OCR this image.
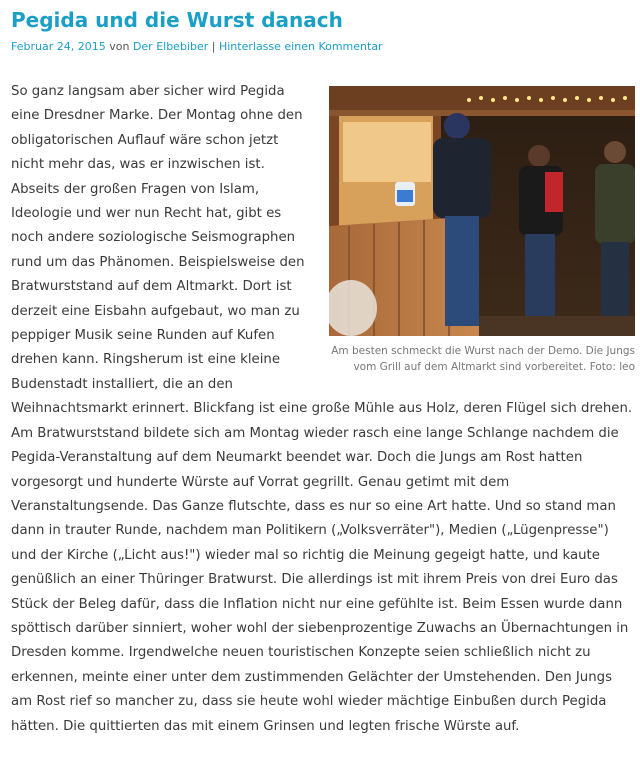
Pegida und die Wurst danach
Februar 24, 2015 von Der Elbebiber | Hinterlasse einen Kommentar
Am besten schmeckt die Wurst nach der Demo. Die Jungs vom Grill auf dem Altmarkt sind vorbereitet. Foto: leo

So ganz langsam aber sicher wird Pegida eine Dresdner Marke. Der Montag ohne den obligatorischen Auflauf wäre schon jetzt nicht mehr das, was er inzwischen ist. Abseits der großen Fragen von Islam, Ideologie und wer nun Recht hat, gibt es noch andere soziologische Seismographen rund um das Phänomen. Beispielsweise den Bratwurststand auf dem Altmarkt. Dort ist derzeit eine Eisbahn aufgebaut, wo man zu peppiger Musik seine Runden auf Kufen drehen kann. Ringsherum ist eine kleine Budenstadt installiert, die an den Weihnachtsmarkt erinnert. Blickfang ist eine große Mühle aus Holz, deren Flügel sich drehen. Am Bratwurststand bildete sich am Montag wieder rasch eine lange Schlange nachdem die Pegida-Veranstaltung auf dem Neumarkt beendet war. Doch die Jungs am Rost hatten vorgesorgt und hunderte Würste auf Vorrat gegrillt. Genau getimt mit dem Veranstaltungsende. Das Ganze flutschte, dass es nur so eine Art hatte. Und so stand man dann in trauter Runde, nachdem man Politikern („Volksverräter"), Medien („Lügenpresse") und der Kirche („Licht aus!") wieder mal so richtig die Meinung gegeigt hatte, und kaute genüßlich an einer Thüringer Bratwurst. Die allerdings ist mit ihrem Preis von drei Euro das Stück der Beleg dafür, dass die Inflation nicht nur eine gefühlte ist. Beim Essen wurde dann spöttisch darüber sinniert, woher wohl der siebenprozentige Zuwachs an Übernachtungen in Dresden komme. Irgendwelche neuen touristischen Konzepte seien schließlich nicht zu erkennen, meinte einer unter dem zustimmenden Gelächter der Umstehenden. Den Jungs am Rost rief so mancher zu, dass sie heute wohl wieder mächtige Einbußen durch Pegida hätten. Die quittierten das mit einem Grinsen und legten frische Würste auf.
